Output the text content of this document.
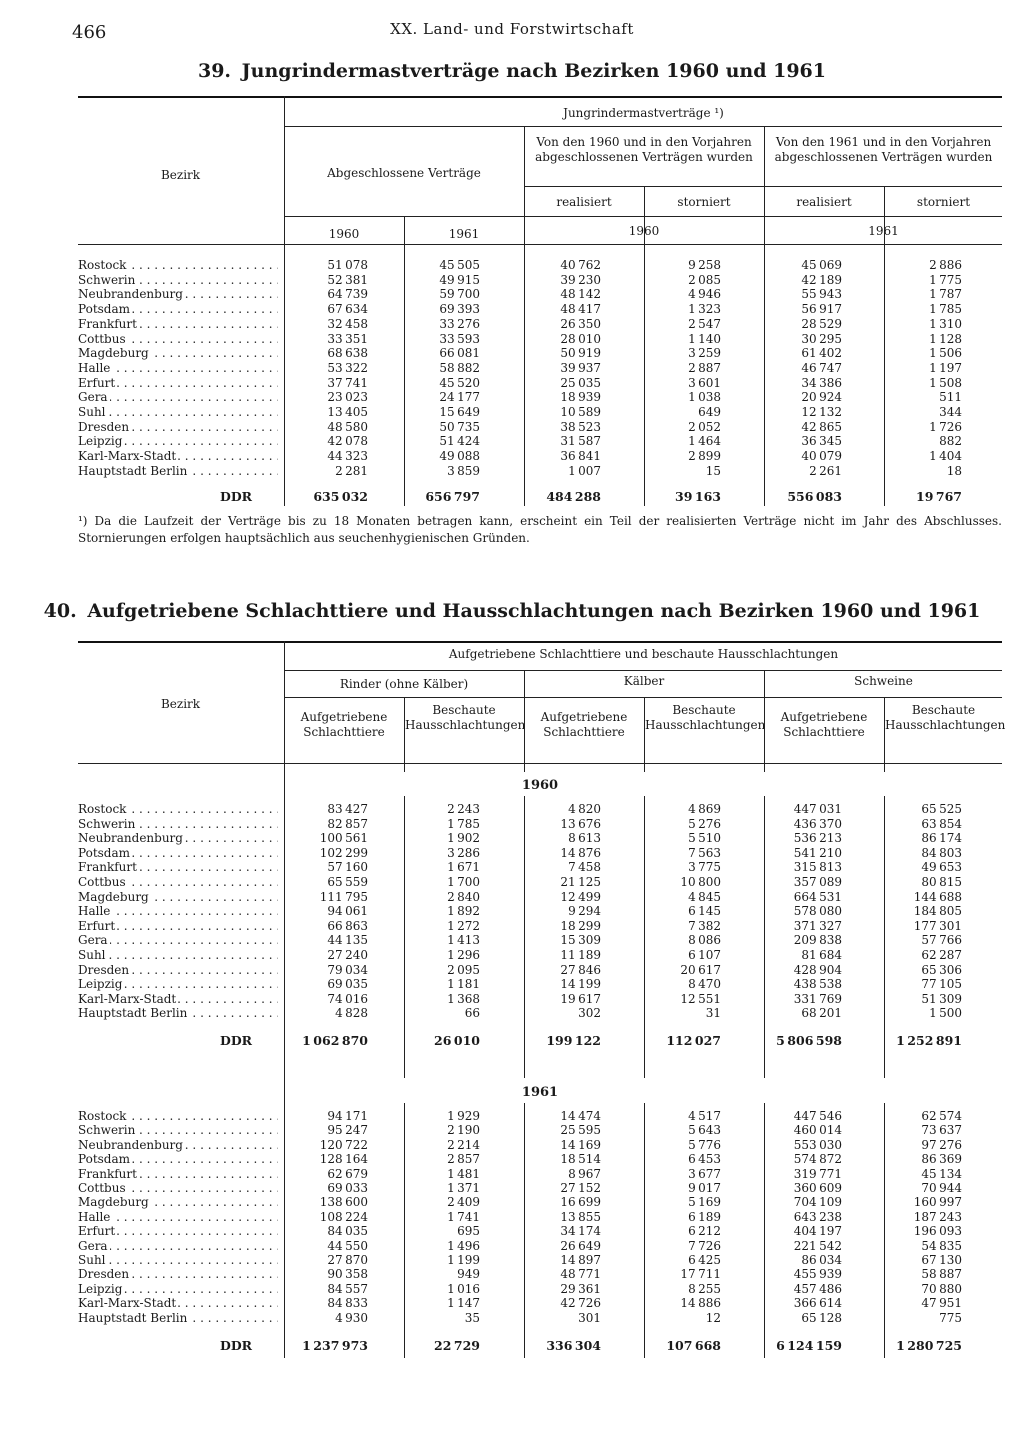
466	XX. Land- und Forstwirtschaft
39. Jungrindermastverträge nach Bezirken 1960 und 1961
Bezirk
Jungrindermastverträge ¹)
Abgeschlossene Verträge
Von den 1960 und in den Vorjahren abgeschlossenen Verträgen wurden
Von den 1961 und in den Vorjahren abgeschlossenen Verträgen wurden
realisiert	storniert	realisiert	storniert
1960	1961	1960	1961
Rostock . . .	51 078	45 505	40 762	9 258	45 069	2 886
Schwerin . . .	52 381	49 915	39 230	2 085	42 189	1 775
Neubrandenburg . . .	64 739	59 700	48 142	4 946	55 943	1 787
Potsdam . . .	67 634	69 393	48 417	1 323	56 917	1 785
Frankfurt . . .	32 458	33 276	26 350	2 547	28 529	1 310
Cottbus . . .	33 351	33 593	28 010	1 140	30 295	1 128
Magdeburg . . .	68 638	66 081	50 919	3 259	61 402	1 506
Halle . . .	53 322	58 882	39 937	2 887	46 747	1 197
Erfurt . . .	37 741	45 520	25 035	3 601	34 386	1 508
Gera . . .	23 023	24 177	18 939	1 038	20 924	511
Suhl . . .	13 405	15 649	10 589	649	12 132	344
Dresden . . .	48 580	50 735	38 523	2 052	42 865	1 726
Leipzig . . .	42 078	51 424	31 587	1 464	36 345	882
Karl-Marx-Stadt . . .	44 323	49 088	36 841	2 899	40 079	1 404
Hauptstadt Berlin . . .	2 281	3 859	1 007	15	2 261	18
DDR	635 032	656 797	484 288	39 163	556 083	19 767
¹) Da die Laufzeit der Verträge bis zu 18 Monaten betragen kann, erscheint ein Teil der realisierten Verträge nicht im Jahr des Abschlusses. Stornierungen erfolgen hauptsächlich aus seuchenhygienischen Gründen.
40. Aufgetriebene Schlachttiere und Hausschlachtungen nach Bezirken 1960 und 1961
Bezirk
Aufgetriebene Schlachttiere und beschaute Hausschlachtungen
Rinder (ohne Kälber)	Kälber	Schweine
Aufgetriebene Schlachttiere
Beschaute Hausschlachtungen
Aufgetriebene Schlachttiere
Beschaute Hausschlachtungen
Aufgetriebene Schlachttiere
Beschaute Hausschlachtungen
1960
1961
Rostock . . .	83 427	2 243	4 820	4 869	447 031	65 525
Schwerin . . .	82 857	1 785	13 676	5 276	436 370	63 854
Neubrandenburg . . .	100 561	1 902	8 613	5 510	536 213	86 174
Potsdam . . .	102 299	3 286	14 876	7 563	541 210	84 803
Frankfurt . . .	57 160	1 671	7 458	3 775	315 813	49 653
Cottbus . . .	65 559	1 700	21 125	10 800	357 089	80 815
Magdeburg . . .	111 795	2 840	12 499	4 845	664 531	144 688
Halle . . .	94 061	1 892	9 294	6 145	578 080	184 805
Erfurt . . .	66 863	1 272	18 299	7 382	371 327	177 301
Gera . . .	44 135	1 413	15 309	8 086	209 838	57 766
Suhl . . .	27 240	1 296	11 189	6 107	81 684	62 287
Dresden . . .	79 034	2 095	27 846	20 617	428 904	65 306
Leipzig . . .	69 035	1 181	14 199	8 470	438 538	77 105
Karl-Marx-Stadt . . .	74 016	1 368	19 617	12 551	331 769	51 309
Hauptstadt Berlin . . .	4 828	66	302	31	68 201	1 500
DDR	1 062 870	26 010	199 122	112 027	5 806 598	1 252 891
Rostock . . .	94 171	1 929	14 474	4 517	447 546	62 574
Schwerin . . .	95 247	2 190	25 595	5 643	460 014	73 637
Neubrandenburg . . .	120 722	2 214	14 169	5 776	553 030	97 276
Potsdam . . .	128 164	2 857	18 514	6 453	574 872	86 369
Frankfurt . . .	62 679	1 481	8 967	3 677	319 771	45 134
Cottbus . . .	69 033	1 371	27 152	9 017	360 609	70 944
Magdeburg . . .	138 600	2 409	16 699	5 169	704 109	160 997
Halle . . .	108 224	1 741	13 855	6 189	643 238	187 243
Erfurt . . .	84 035	695	34 174	6 212	404 197	196 093
Gera . . .	44 550	1 496	26 649	7 726	221 542	54 835
Suhl . . .	27 870	1 199	14 897	6 425	86 034	67 130
Dresden . . .	90 358	949	48 771	17 711	455 939	58 887
Leipzig . . .	84 557	1 016	29 361	8 255	457 486	70 880
Karl-Marx-Stadt . . .	84 833	1 147	42 726	14 886	366 614	47 951
Hauptstadt Berlin . . .	4 930	35	301	12	65 128	775
DDR	1 237 973	22 729	336 304	107 668	6 124 159	1 280 725
